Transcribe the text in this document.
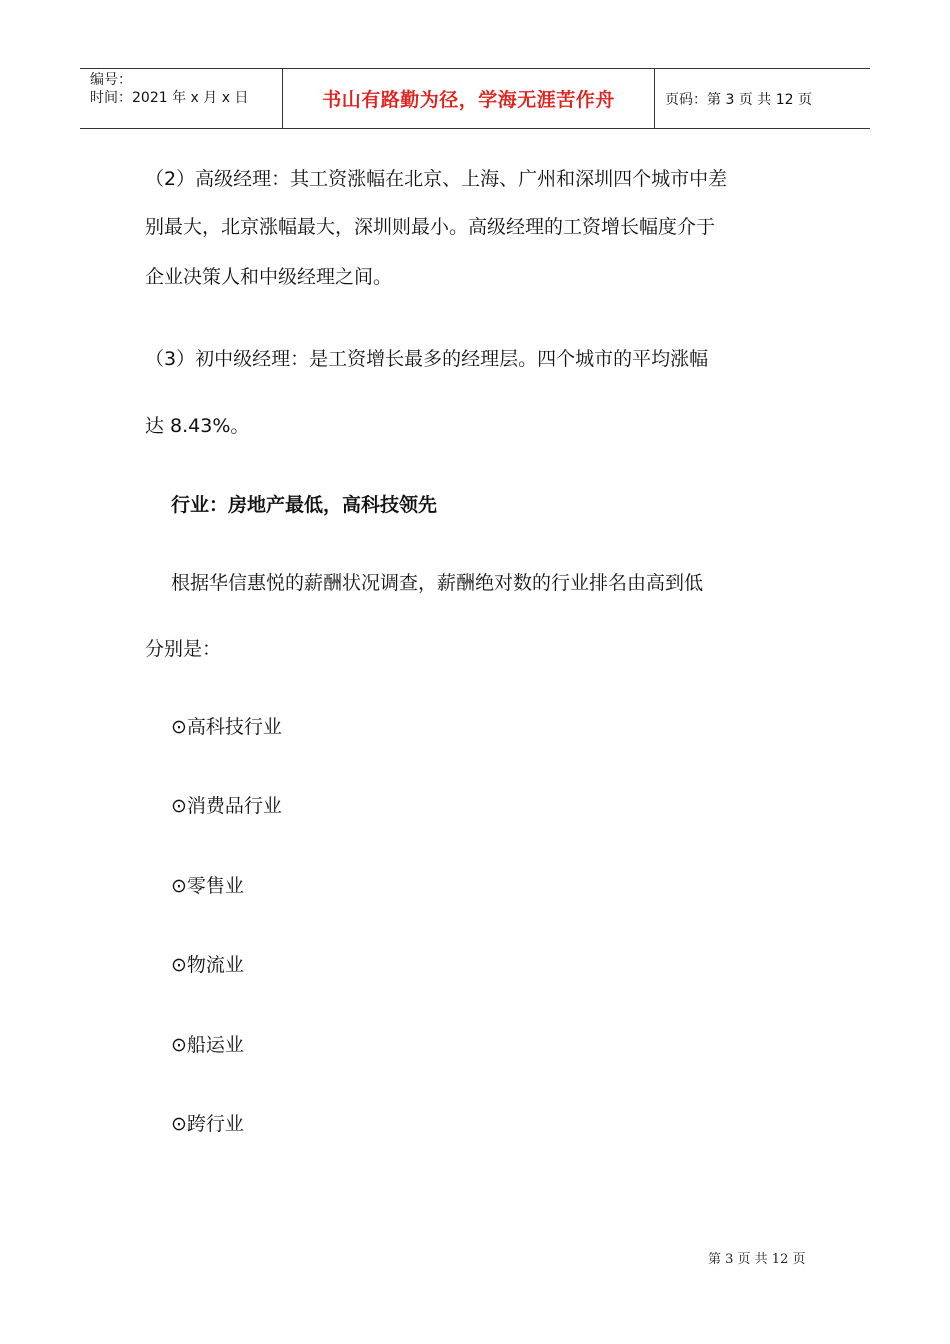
编号：
时间：2021 年 x 月 x 日	书山有路勤为径，学海无涯苦作舟	页码：第 3 页 共 12 页
（2）高级经理：其工资涨幅在北京、上海、广州和深圳四个城市中差
别最大，北京涨幅最大，深圳则最小。高级经理的工资增长幅度介于
企业决策人和中级经理之间。
（3）初中级经理：是工资增长最多的经理层。四个城市的平均涨幅
达 8.43%。
行业：房地产最低，高科技领先
根据华信惠悦的薪酬状况调查，薪酬绝对数的行业排名由高到低
分别是：
⊙高科技行业
⊙消费品行业
⊙零售业
⊙物流业
⊙船运业
⊙跨行业
第 3 页 共 12 页
